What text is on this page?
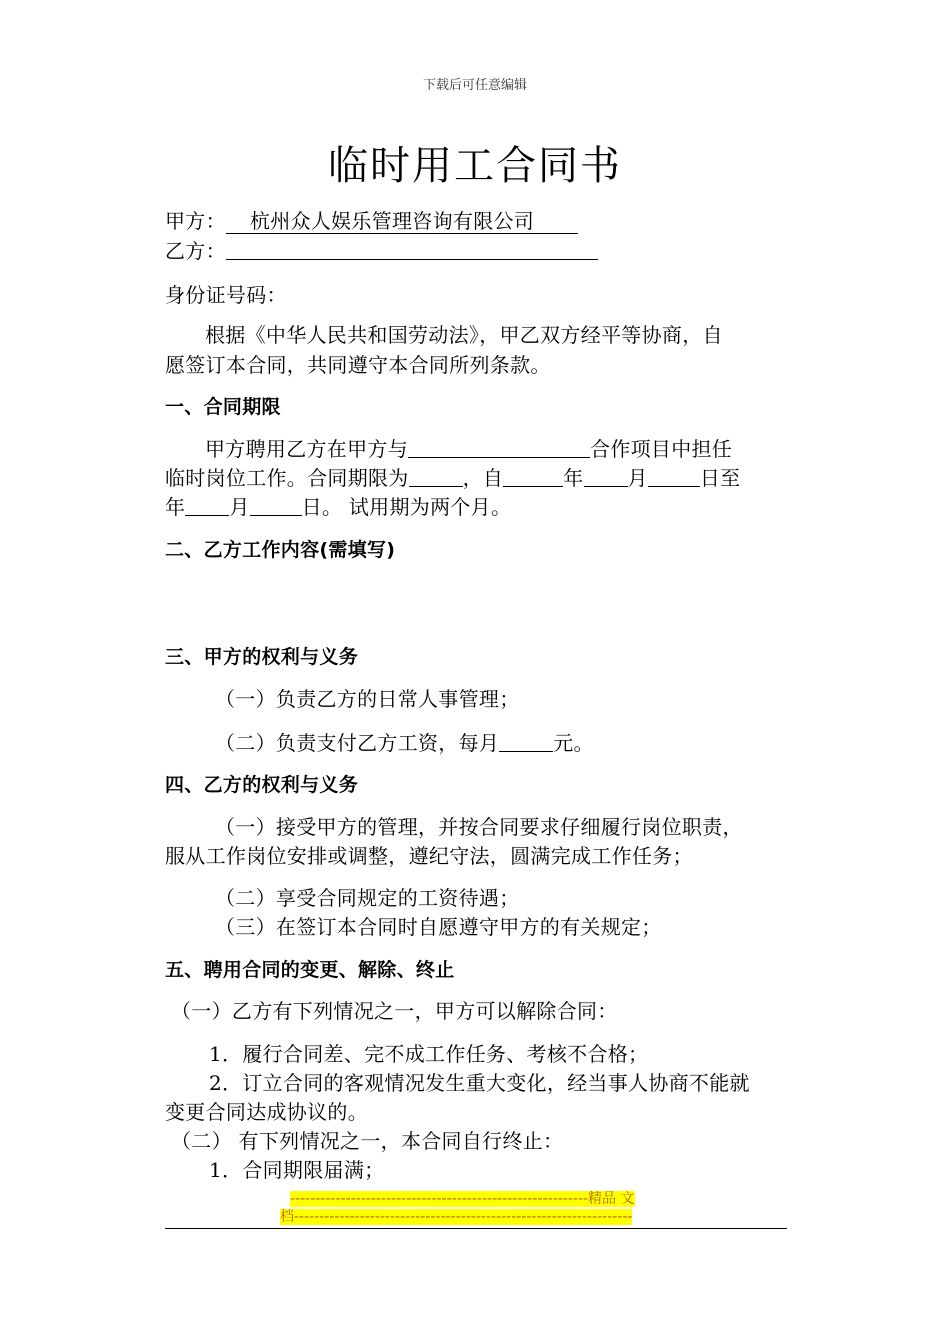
下载后可任意编辑
临时用工合同书
甲方： 杭州众人娱乐管理咨询有限公司
乙方：
身份证号码：
根据《中华人民共和国劳动法》，甲乙双方经平等协商，自
愿签订本合同，共同遵守本合同所列条款。
一、合同期限
甲方聘用乙方在甲方与	合作项目中担任
临时岗位工作。合同期限为	，自	年 月	日至
年 月	日。 试用期为两个月。
二、乙方工作内容(需填写)
三、甲方的权利与义务
（一）负责乙方的日常人事管理；
（二）负责支付乙方工资，每月	元。
四、乙方的权利与义务
（一）接受甲方的管理，并按合同要求仔细履行岗位职责，
服从工作岗位安排或调整，遵纪守法，圆满完成工作任务；
（二）享受合同规定的工资待遇；
（三）在签订本合同时自愿遵守甲方的有关规定；
五、聘用合同的变更、解除、终止
（一）乙方有下列情况之一，甲方可以解除合同：
1．履行合同差、完不成工作任务、考核不合格；
2．订立合同的客观情况发生重大变化，经当事人协商不能就
变更合同达成协议的。
（二） 有下列情况之一，本合同自行终止：
1．合同期限届满；
-----------------------------------------------------------精品 文
档-------------------------------------------------------------------
